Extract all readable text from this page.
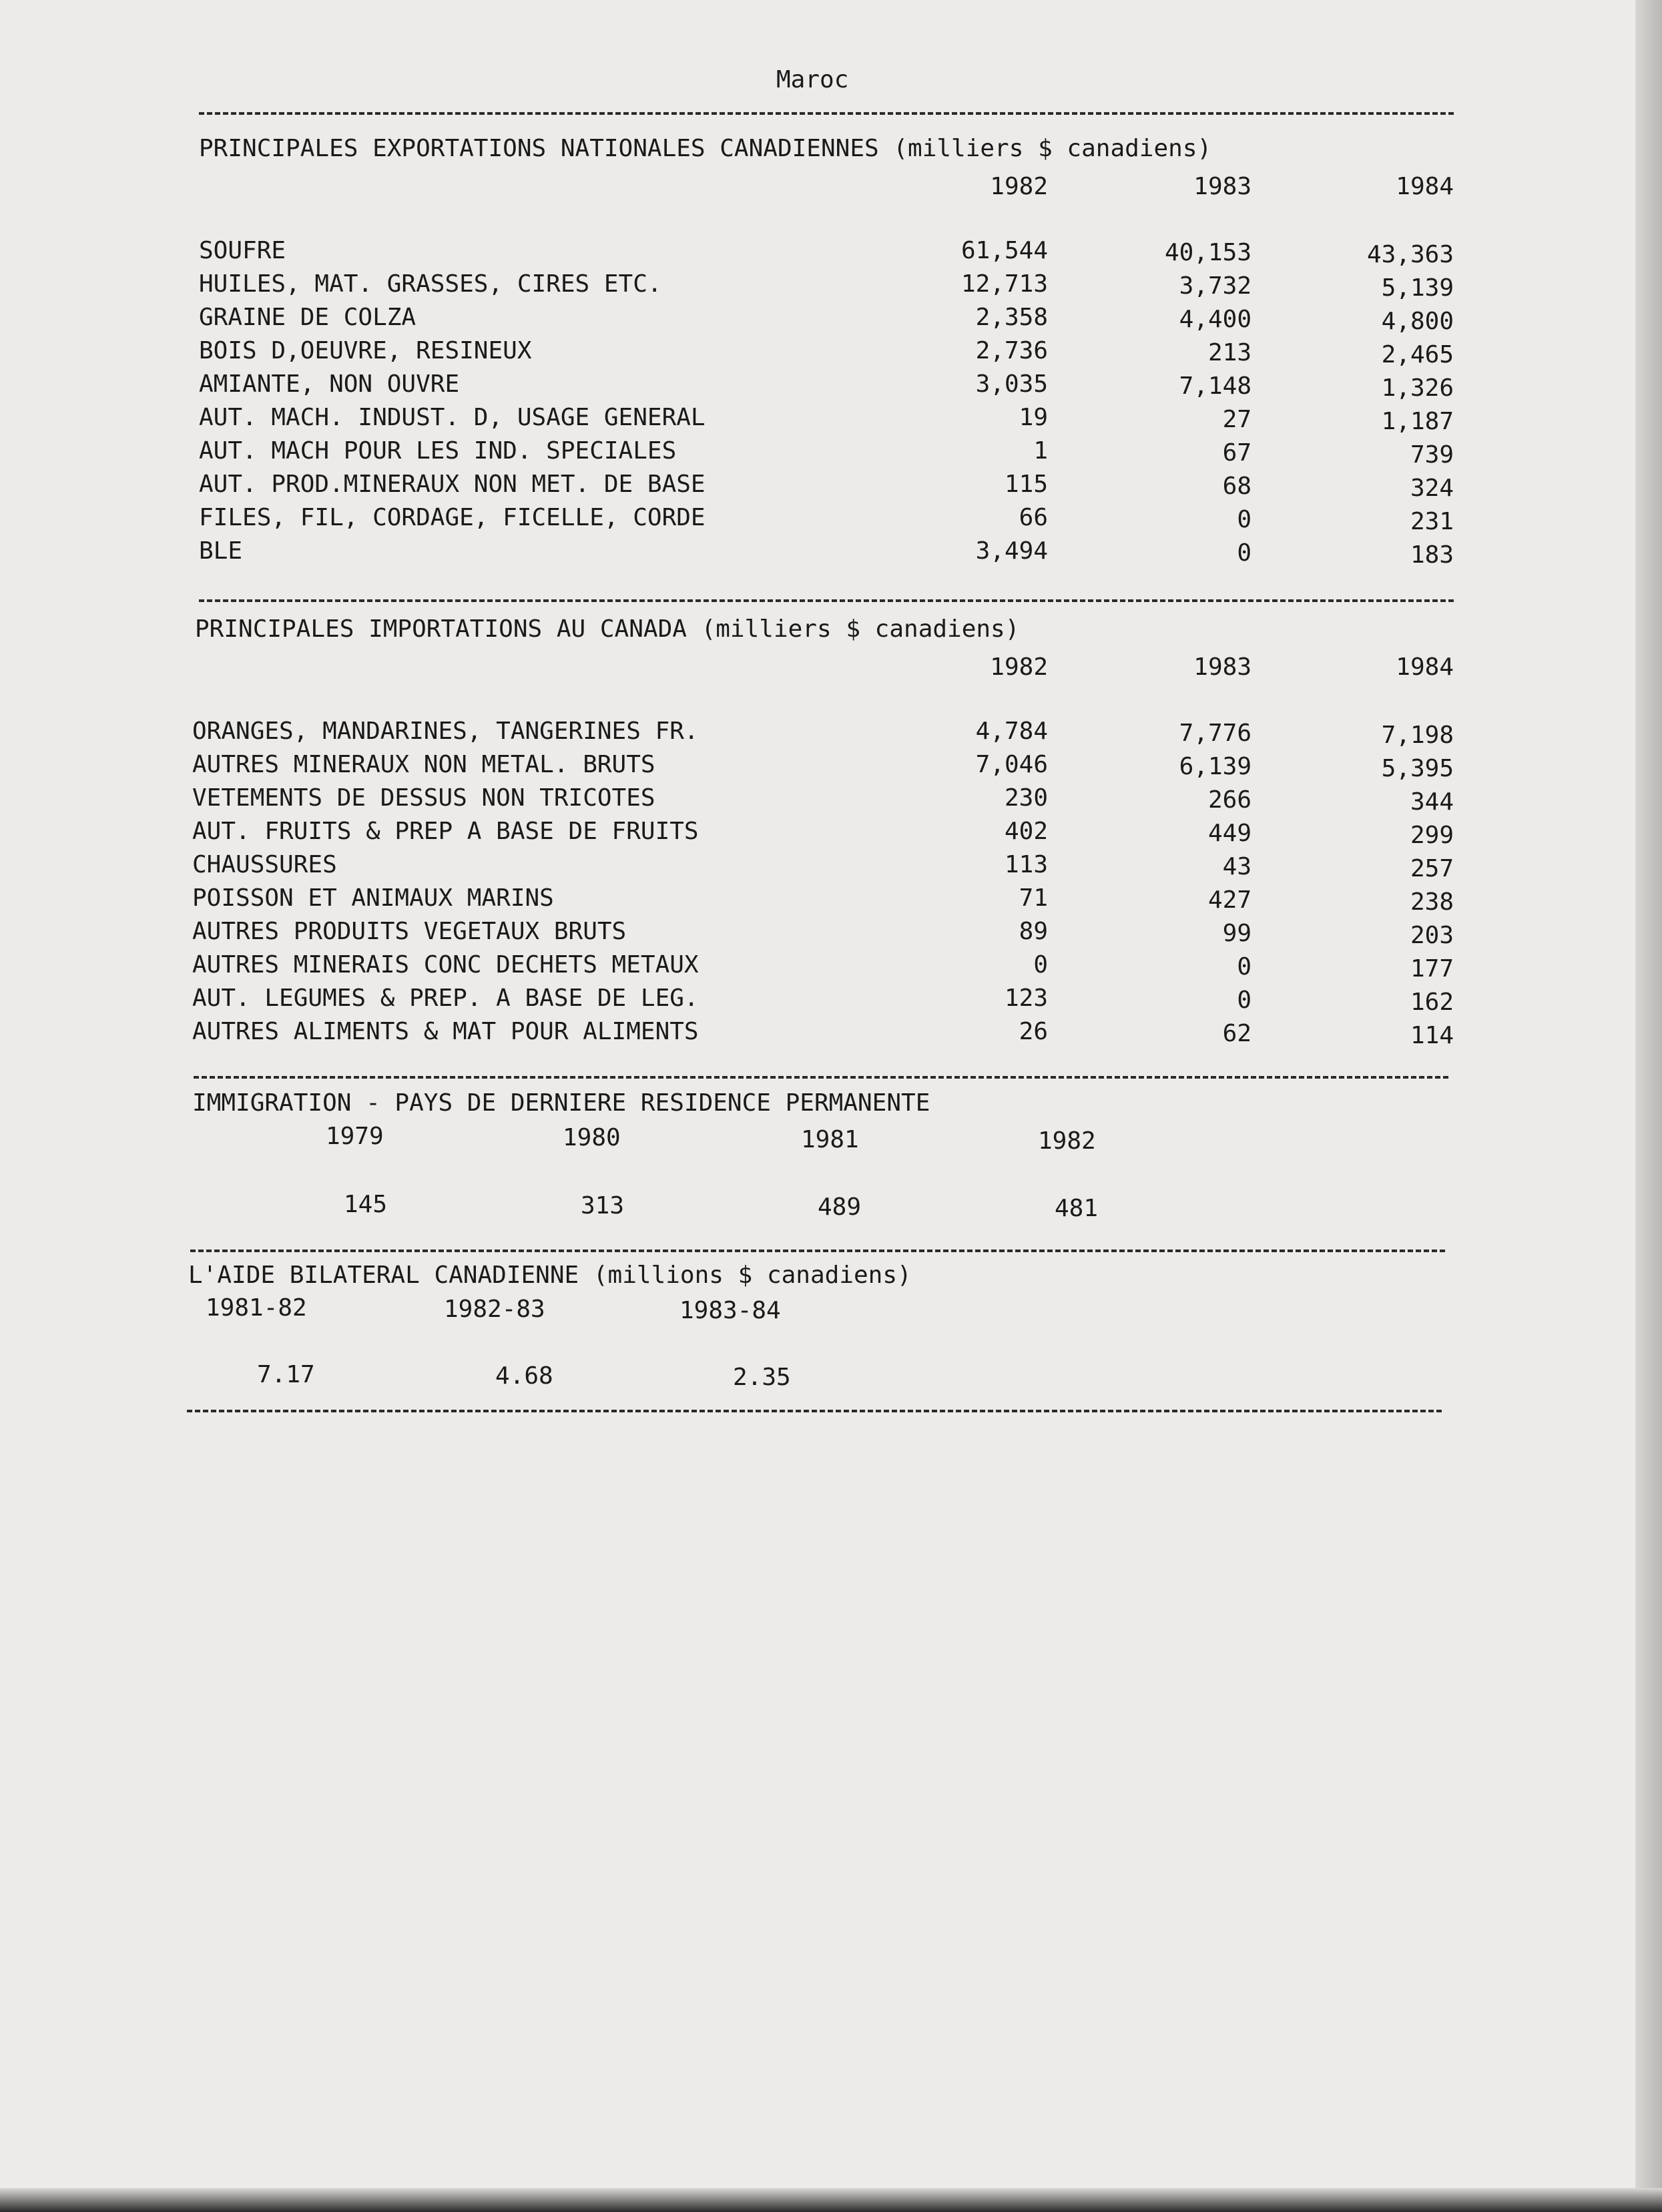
Maroc
PRINCIPALES EXPORTATIONS NATIONALES CANADIENNES (milliers $ canadiens)
1982	1983	1984
SOUFRE	61,544	40,153	43,363
HUILES, MAT. GRASSES, CIRES ETC.	12,713	3,732	5,139
GRAINE DE COLZA	2,358	4,400	4,800
BOIS D,OEUVRE, RESINEUX	2,736	213	2,465
AMIANTE, NON OUVRE	3,035	7,148	1,326
AUT. MACH. INDUST. D, USAGE GENERAL	19	27	1,187
AUT. MACH POUR LES IND. SPECIALES	1	67	739
AUT. PROD.MINERAUX NON MET. DE BASE	115	68	324
FILES, FIL, CORDAGE, FICELLE, CORDE	66	0	231
BLE	3,494	0	183
PRINCIPALES IMPORTATIONS AU CANADA (milliers $ canadiens)
1982	1983	1984
ORANGES, MANDARINES, TANGERINES FR.	4,784	7,776	7,198
AUTRES MINERAUX NON METAL. BRUTS	7,046	6,139	5,395
VETEMENTS DE DESSUS NON TRICOTES	230	266	344
AUT. FRUITS & PREP A BASE DE FRUITS	402	449	299
CHAUSSURES	113	43	257
POISSON ET ANIMAUX MARINS	71	427	238
AUTRES PRODUITS VEGETAUX BRUTS	89	99	203
AUTRES MINERAIS CONC DECHETS METAUX	0	0	177
AUT. LEGUMES & PREP. A BASE DE LEG.	123	0	162
AUTRES ALIMENTS & MAT POUR ALIMENTS	26	62	114
IMMIGRATION - PAYS DE DERNIERE RESIDENCE PERMANENTE
1979	1980	1981	1982
145	313	489	481
L'AIDE BILATERAL CANADIENNE (millions $ canadiens)
1981-82	1982-83	1983-84
7.17	4.68	2.35
